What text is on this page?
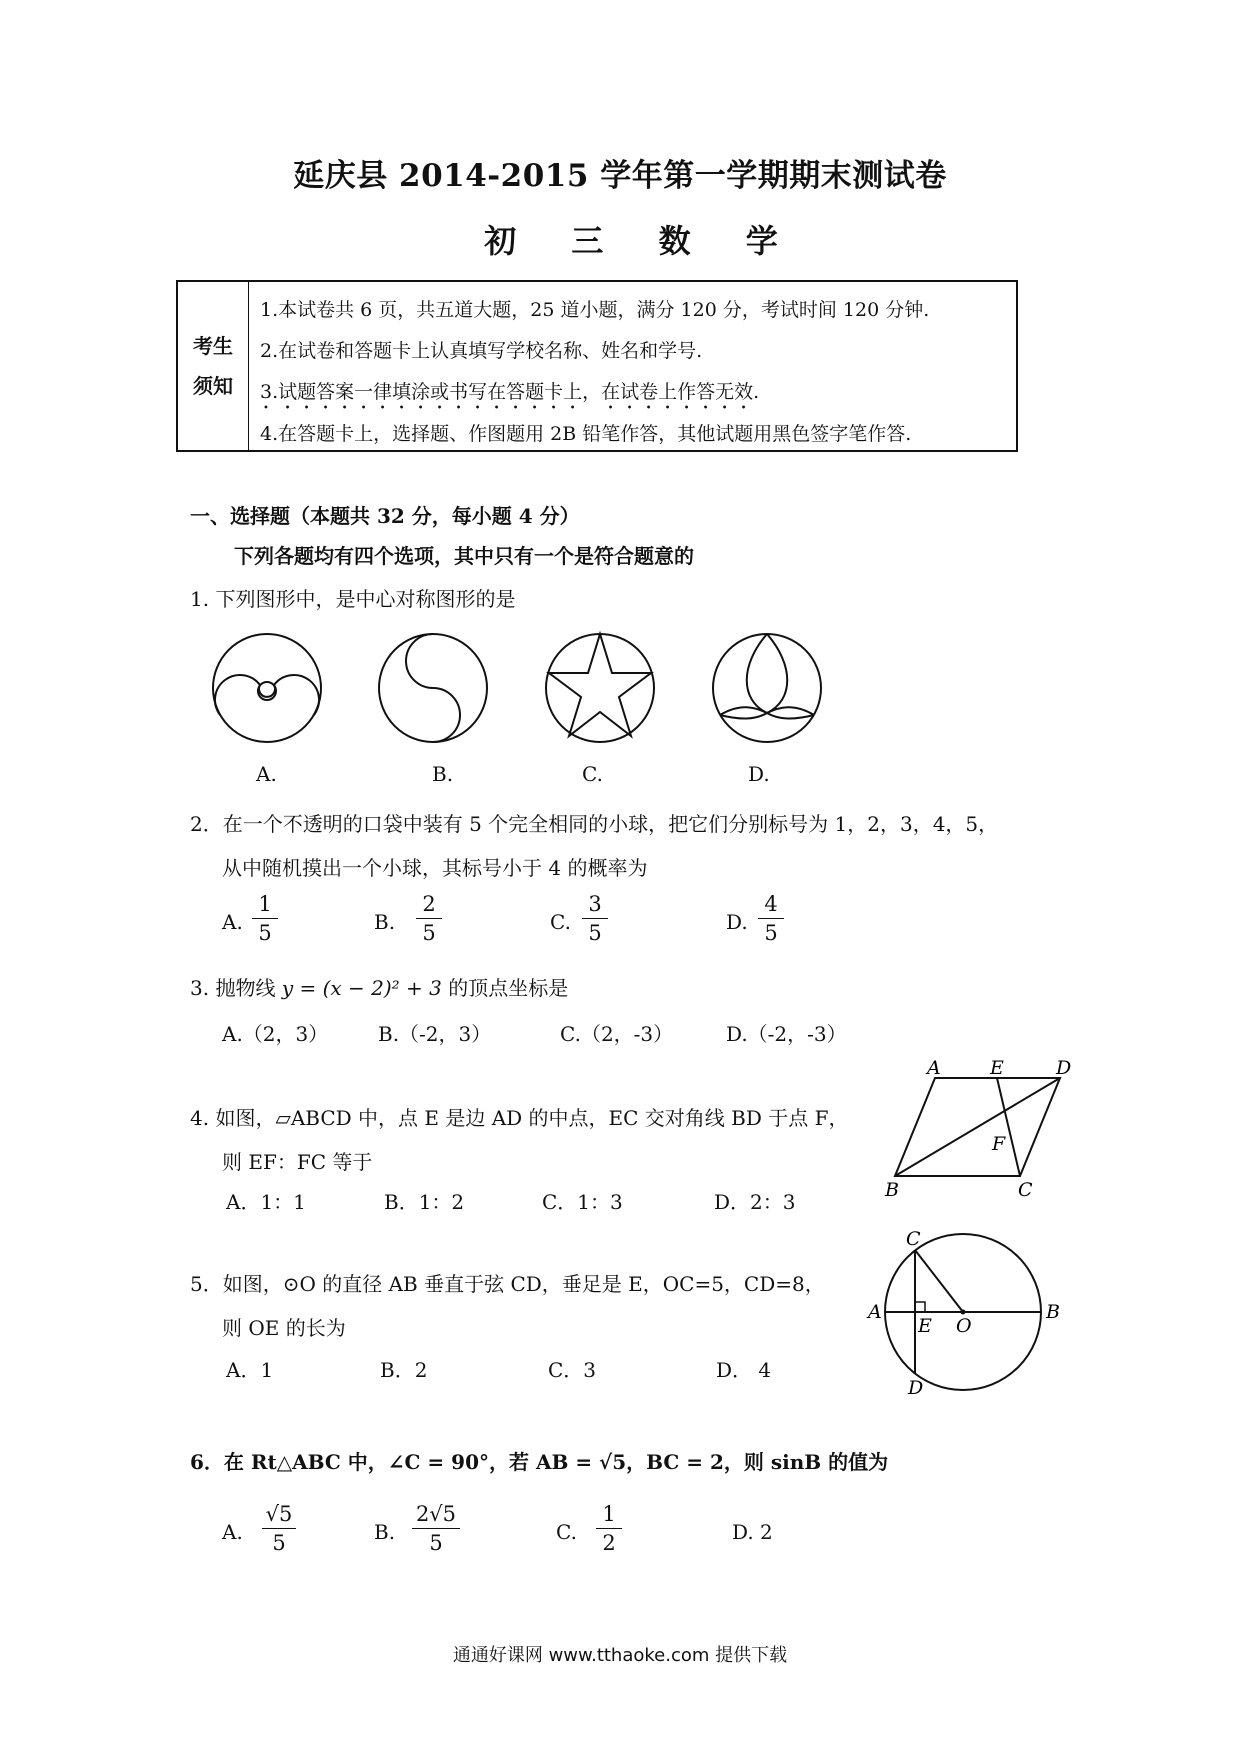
延庆县 2014-2015 学年第一学期期末测试卷
初 三 数 学
考生
须知
1.本试卷共 6 页，共五道大题，25 道小题，满分 120 分，考试时间 120 分钟.
2.在试卷和答题卡上认真填写学校名称、姓名和学号.
3.试题答案一律填涂或书写在答题卡上，在试卷上作答无效.
4.在答题卡上，选择题、作图题用 2B 铅笔作答，其他试题用黑色签字笔作答.
一、选择题（本题共 32 分，每小题 4 分）
下列各题均有四个选项，其中只有一个是符合题意的
1. 下列图形中，是中心对称图形的是
A.	B.	C.	D.
2．在一个不透明的口袋中装有 5 个完全相同的小球，把它们分别标号为 1，2，3，4，5，
从中随机摸出一个小球，其标号小于 4 的概率为
A. $\frac{1}{5}$	B. $\frac{2}{5}$	C. $\frac{3}{5}$	D. $\frac{4}{5}$
3. 抛物线 y = (x − 2)² + 3 的顶点坐标是
A.（2，3） B.（-2，3）	C.（2，-3）	D.（-2，-3）
4. 如图，▱ABCD 中，点 E 是边 AD 的中点，EC 交对角线 BD 于点 F，
则 EF：FC 等于
A．1：1	B．1：2	C．1：3	D．2：3
A	E	D
F
B	C
5．如图，⊙O 的直径 AB 垂直于弦 CD，垂足是 E，OC=5，CD=8，
则 OE 的长为
A．1	B．2	C．3	D． 4
C
A
E O
B
D
6．在 Rt△ABC 中，∠C = 90°，若 AB = √5，BC = 2，则 sinB 的值为
A. $\frac{√5}{5}$	B. $\frac{2√5}{5}$	C. $\frac{1}{2}$	D. 2
通通好课网 www.tthaoke.com 提供下载
